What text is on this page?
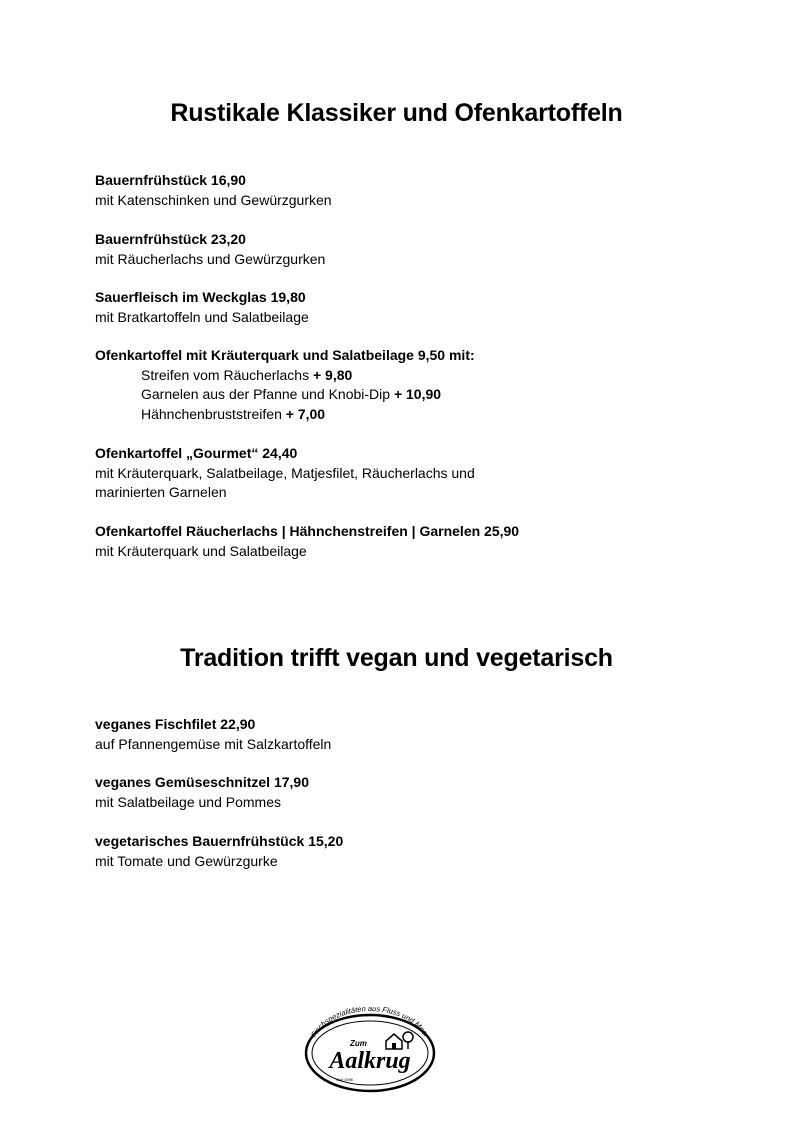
Rustikale Klassiker und Ofenkartoffeln
Bauernfrühstück 16,90
mit Katenschinken und Gewürzgurken
Bauernfrühstück 23,20
mit Räucherlachs und Gewürzgurken
Sauerfleisch im Weckglas 19,80
mit Bratkartoffeln und Salatbeilage
Ofenkartoffel mit Kräuterquark und Salatbeilage 9,50 mit:
Streifen vom Räucherlachs + 9,80
Garnelen aus der Pfanne und Knobi-Dip + 10,90
Hähnchenbruststreifen + 7,00
Ofenkartoffel „Gourmet“ 24,40
mit Kräuterquark, Salatbeilage, Matjesfilet, Räucherlachs und
marinierten Garnelen
Ofenkartoffel Räucherlachs | Hähnchenstreifen | Garnelen 25,90
mit Kräuterquark und Salatbeilage
Tradition trifft vegan und vegetarisch
veganes Fischfilet 22,90
auf Pfannengemüse mit Salzkartoffeln
veganes Gemüseschnitzel 17,90
mit Salatbeilage und Pommes
vegetarisches Bauernfrühstück 15,20
mit Tomate und Gewürzgurke
Fischspezialitäten aus Fluss und Meer
Zum
Aalkrug
Seit 1996
